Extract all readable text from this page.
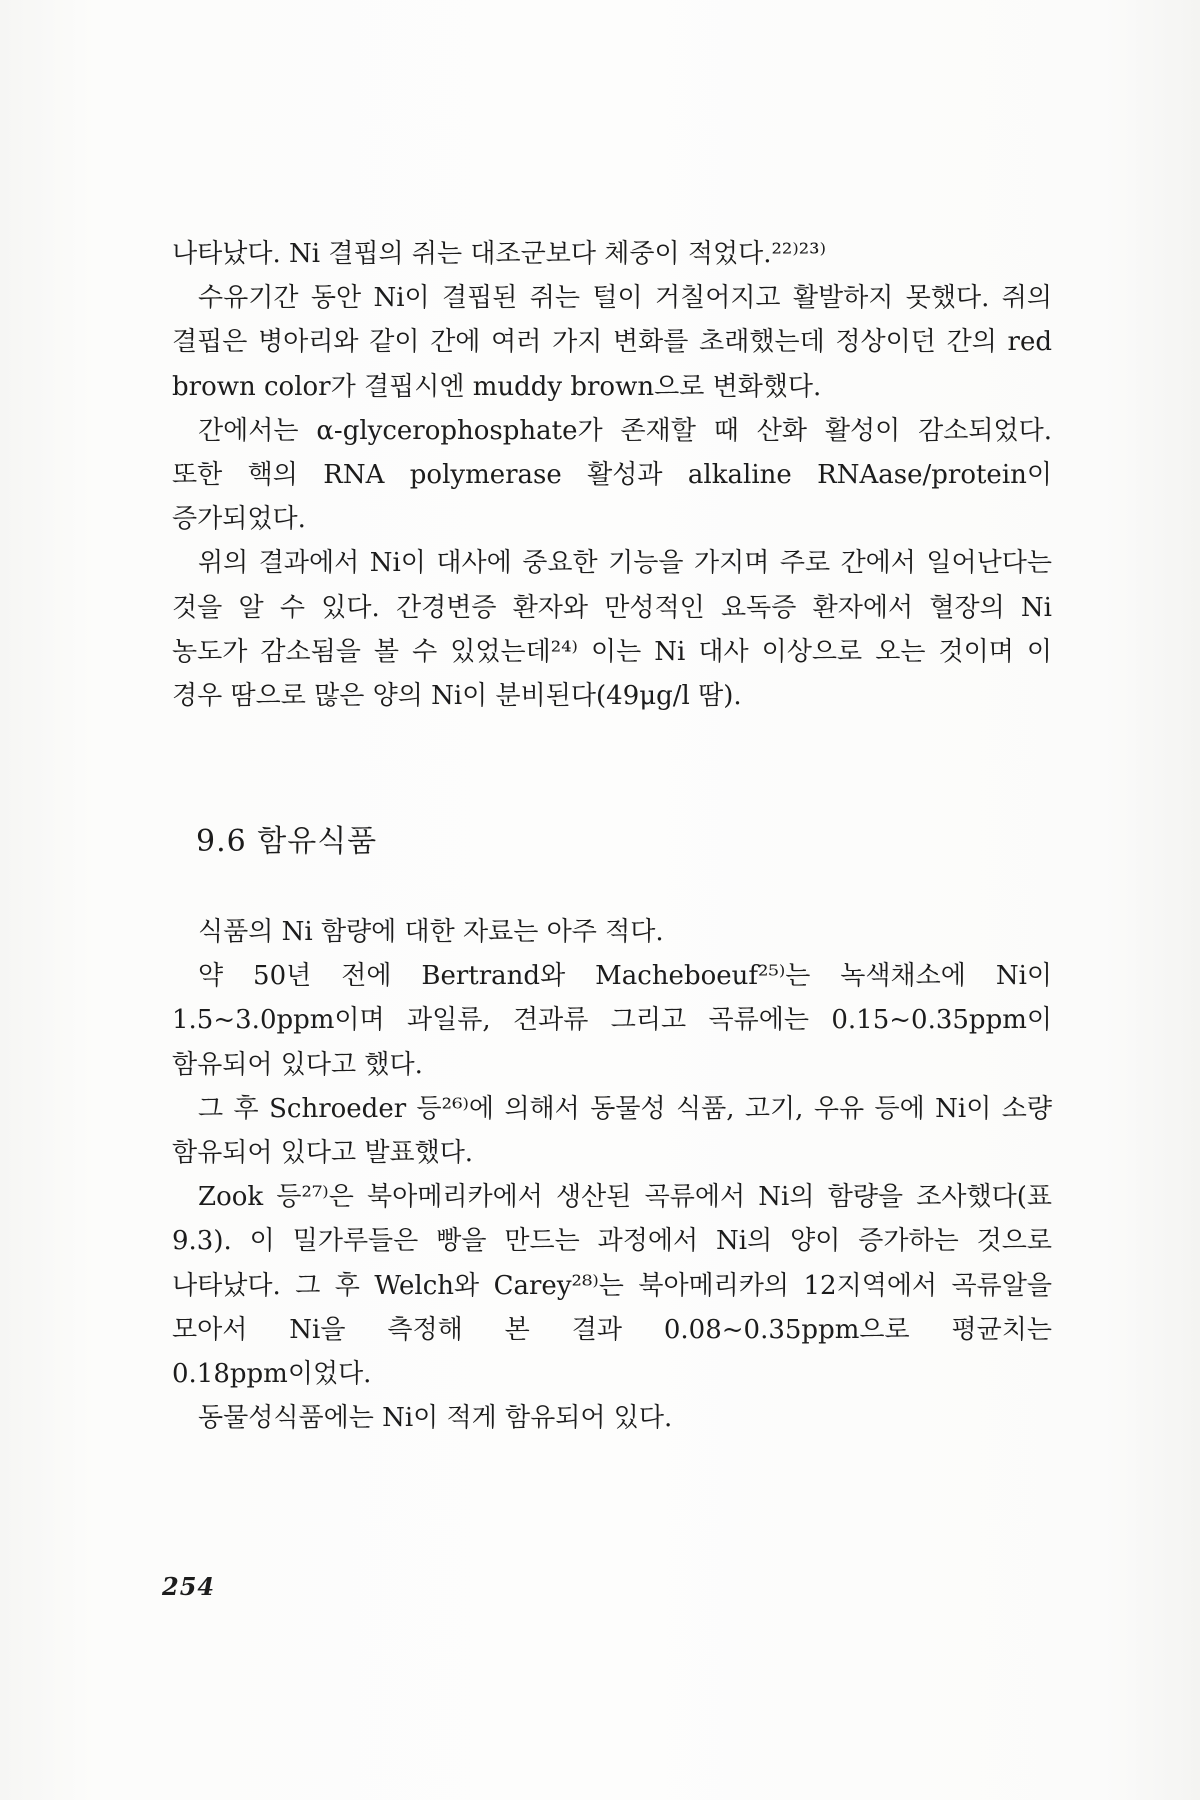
나타났다. Ni 결핍의 쥐는 대조군보다 체중이 적었다.²²⁾²³⁾

수유기간 동안 Ni이 결핍된 쥐는 털이 거칠어지고 활발하지 못했다. 쥐의 결핍은 병아리와 같이 간에 여러 가지 변화를 초래했는데 정상이던 간의 red brown color가 결핍시엔 muddy brown으로 변화했다.

간에서는 α-glycerophosphate가 존재할 때 산화 활성이 감소되었다. 또한 핵의 RNA polymerase 활성과 alkaline RNAase/protein이 증가되었다.

위의 결과에서 Ni이 대사에 중요한 기능을 가지며 주로 간에서 일어난다는 것을 알 수 있다. 간경변증 환자와 만성적인 요독증 환자에서 혈장의 Ni 농도가 감소됨을 볼 수 있었는데²⁴⁾ 이는 Ni 대사 이상으로 오는 것이며 이 경우 땀으로 많은 양의 Ni이 분비된다(49μg/l 땀).

9.6 함유식품

식품의 Ni 함량에 대한 자료는 아주 적다.

약 50년 전에 Bertrand와 Macheboeuf²⁵⁾는 녹색채소에 Ni이 1.5~3.0ppm이며 과일류, 견과류 그리고 곡류에는 0.15~0.35ppm이 함유되어 있다고 했다.

그 후 Schroeder 등²⁶⁾에 의해서 동물성 식품, 고기, 우유 등에 Ni이 소량 함유되어 있다고 발표했다.

Zook 등²⁷⁾은 북아메리카에서 생산된 곡류에서 Ni의 함량을 조사했다(표 9.3). 이 밀가루들은 빵을 만드는 과정에서 Ni의 양이 증가하는 것으로 나타났다. 그 후 Welch와 Carey²⁸⁾는 북아메리카의 12지역에서 곡류알을 모아서 Ni을 측정해 본 결과 0.08~0.35ppm으로 평균치는 0.18ppm이었다.

동물성식품에는 Ni이 적게 함유되어 있다.

254
